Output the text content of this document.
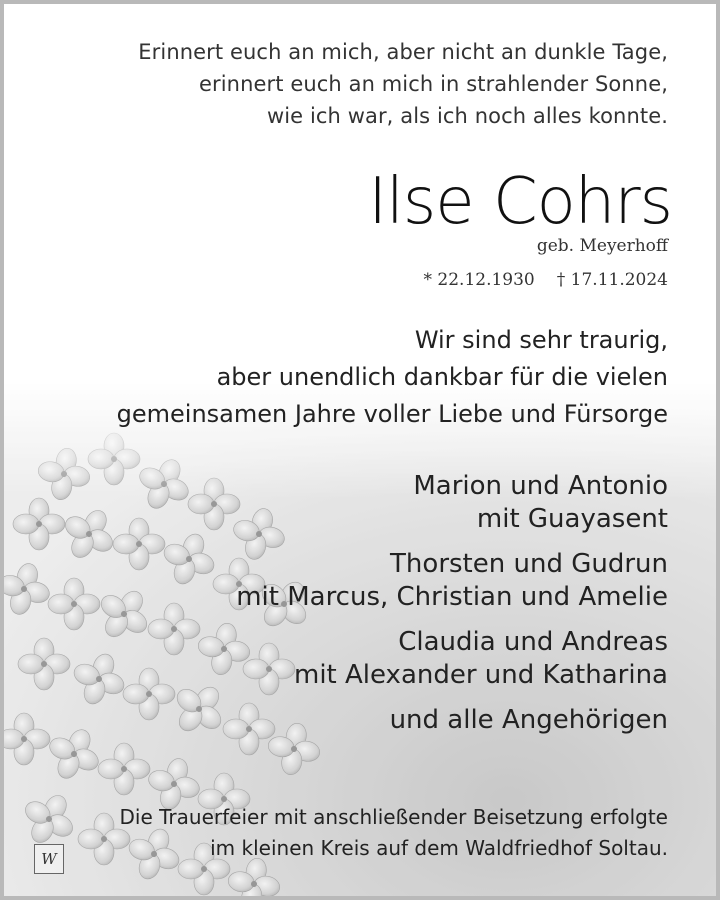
Erinnert euch an mich, aber nicht an dunkle Tage,
erinnert euch an mich in strahlender Sonne,
wie ich war, als ich noch alles konnte.
Ilse Cohrs
geb. Meyerhoff
* 22.12.1930 † 17.11.2024
Wir sind sehr traurig,
aber unendlich dankbar für die vielen
gemeinsamen Jahre voller Liebe und Fürsorge
Marion und Antonio
mit Guayasent
Thorsten und Gudrun
mit Marcus, Christian und Amelie
Claudia und Andreas
mit Alexander und Katharina
und alle Angehörigen
Die Trauerfeier mit anschließender Beisetzung erfolgte
im kleinen Kreis auf dem Waldfriedhof Soltau.
W
